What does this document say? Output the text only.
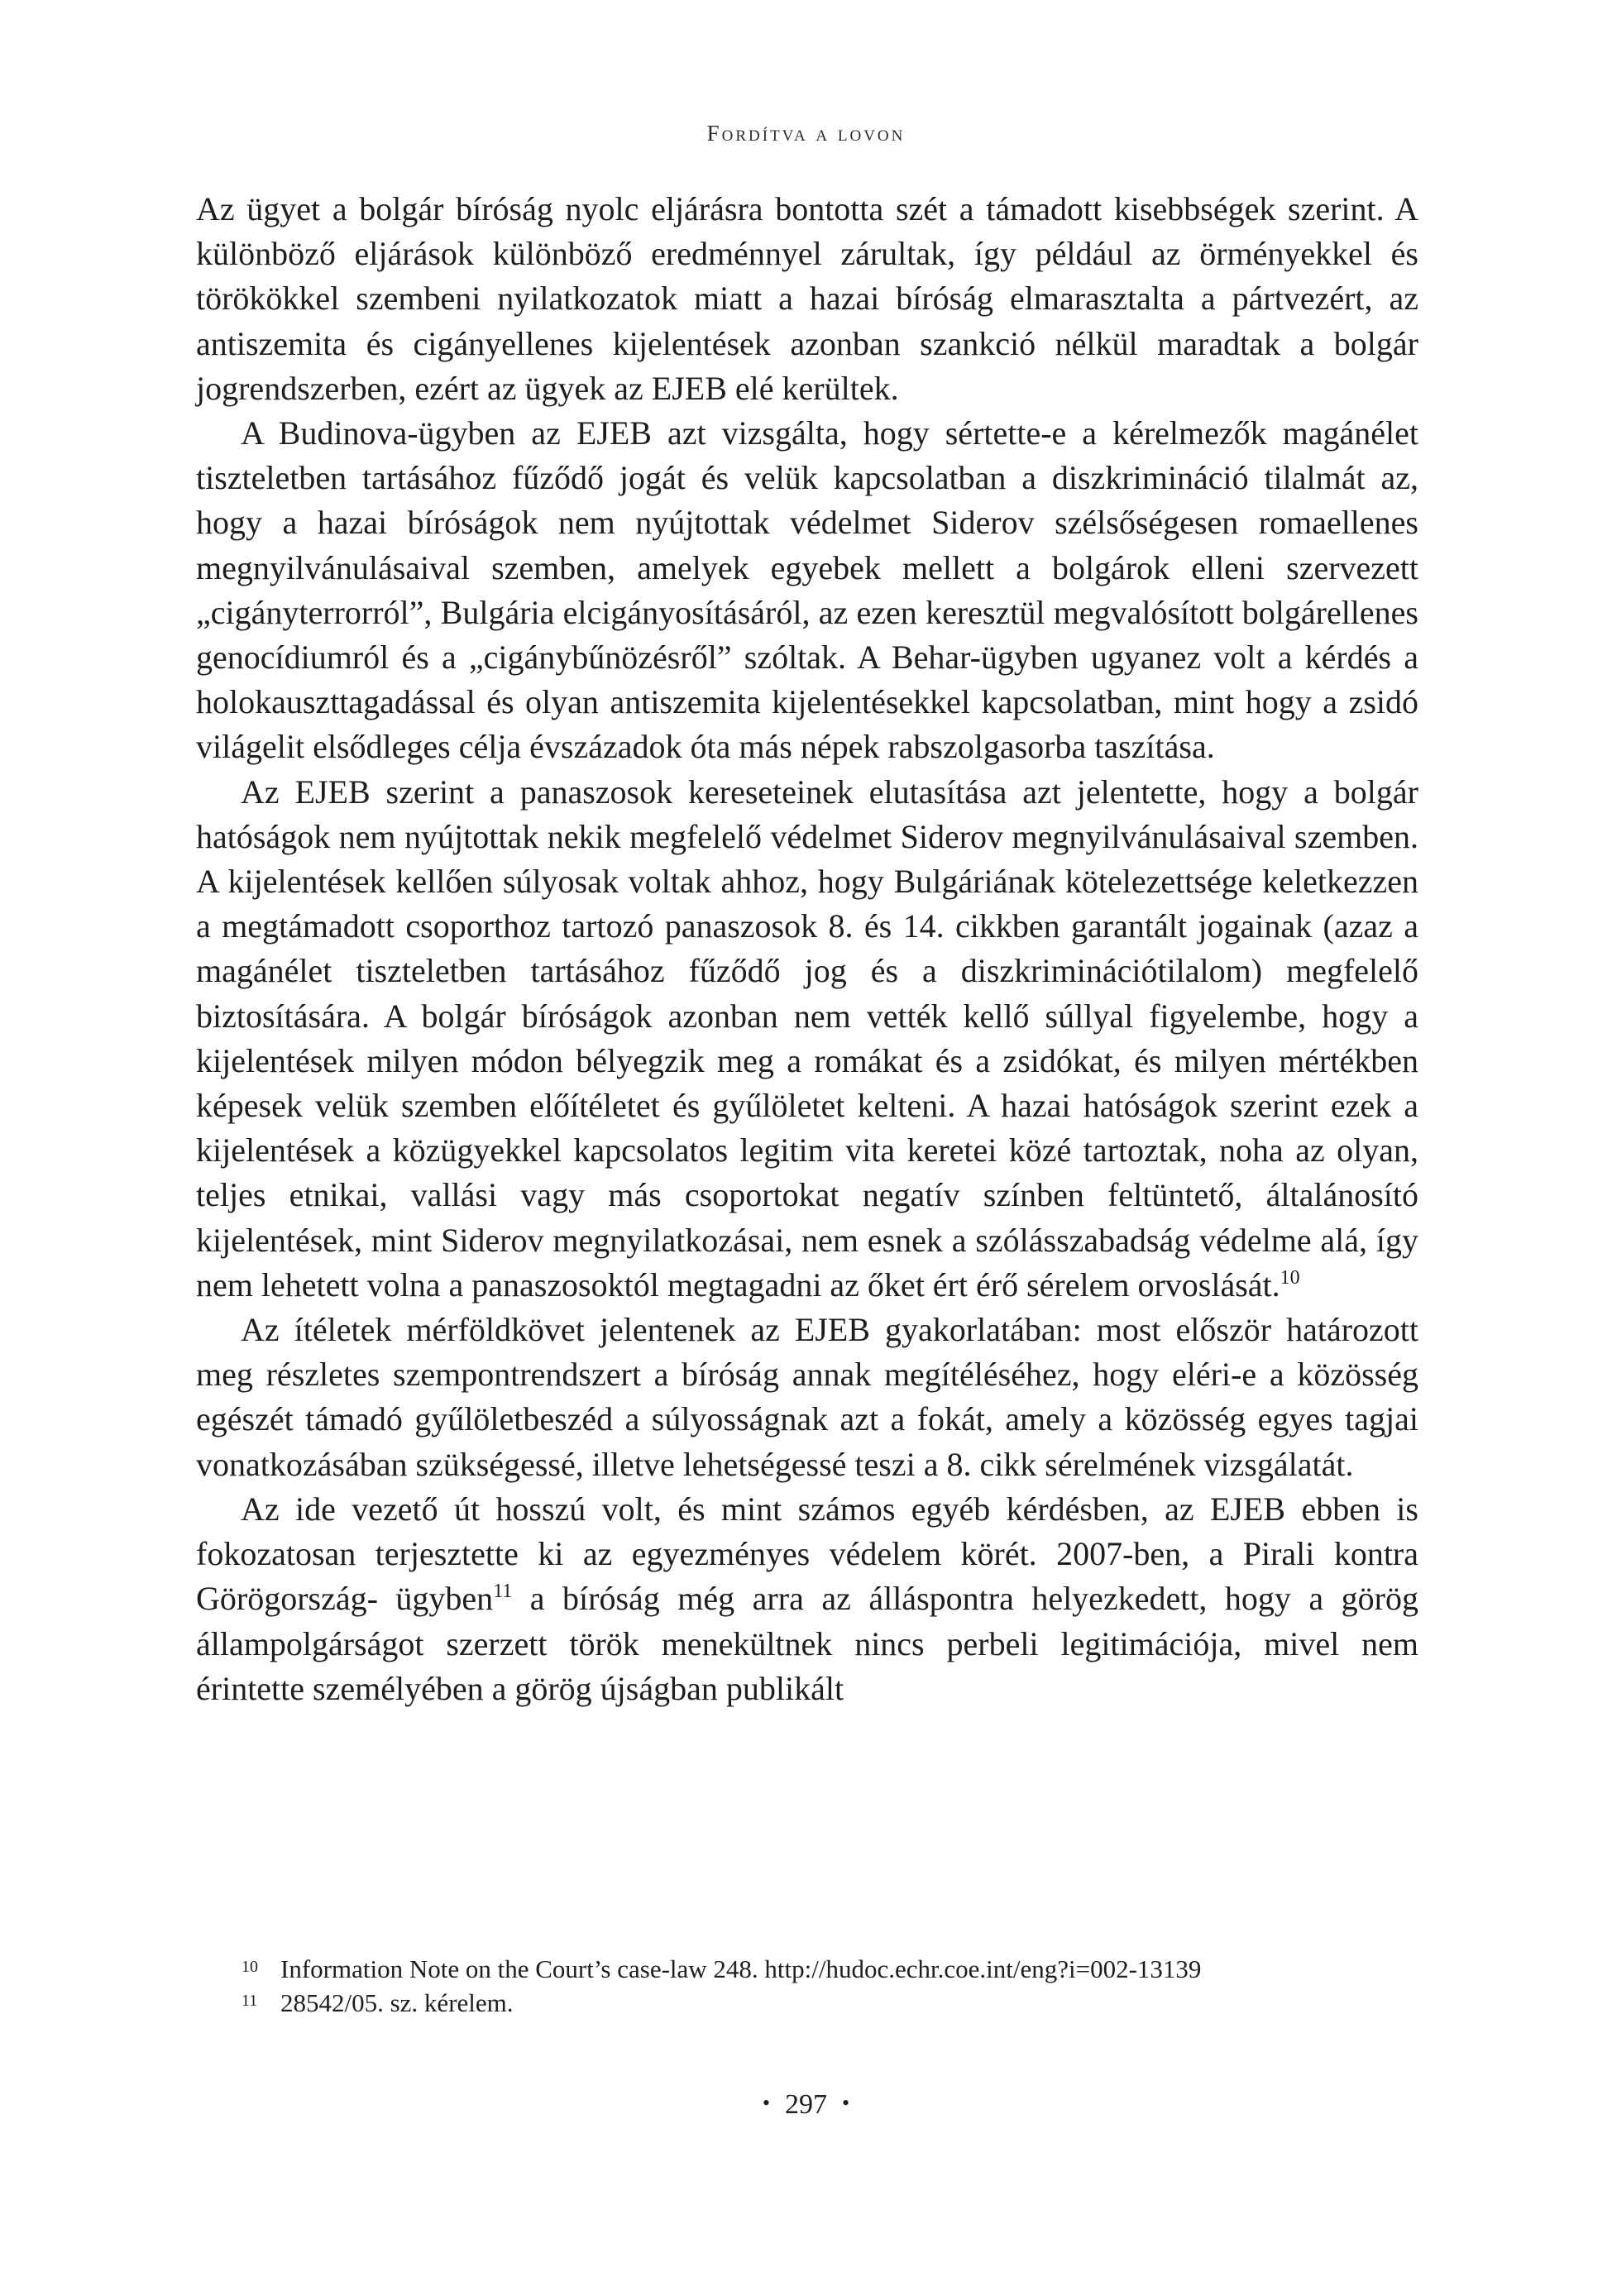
Fordítva a lovon

Az ügyet a bolgár bíróság nyolc eljárásra bontotta szét a támadott kisebbségek szerint. A különböző eljárások különböző eredménnyel zárultak, így például az örményekkel és törökökkel szembeni nyilatkozatok miatt a hazai bíróság elmarasztalta a pártvezért, az antiszemita és cigányellenes kijelentések azonban szankció nélkül maradtak a bolgár jogrendszerben, ezért az ügyek az EJEB elé kerültek.

A Budinova-ügyben az EJEB azt vizsgálta, hogy sértette-e a kérelmezők magánélet tiszteletben tartásához fűződő jogát és velük kapcsolatban a diszkrimináció tilalmát az, hogy a hazai bíróságok nem nyújtottak védelmet Siderov szélsőségesen romaellenes megnyilvánulásaival szemben, amelyek egyebek mellett a bolgárok elleni szervezett „cigányterrorról”, Bulgária elcigányosításáról, az ezen keresztül megvalósított bolgárellenes genocídiumról és a „cigánybűnözésről” szóltak. A Behar-ügyben ugyanez volt a kérdés a holokauszttagadással és olyan antiszemita kijelentésekkel kapcsolatban, mint hogy a zsidó világelit elsődleges célja évszázadok óta más népek rabszolgasorba taszítása.

Az EJEB szerint a panaszosok kereseteinek elutasítása azt jelentette, hogy a bolgár hatóságok nem nyújtottak nekik megfelelő védelmet Siderov megnyilvánulásaival szemben. A kijelentések kellően súlyosak voltak ahhoz, hogy Bulgáriának kötelezettsége keletkezzen a megtámadott csoporthoz tartozó panaszosok 8. és 14. cikkben garantált jogainak (azaz a magánélet tiszteletben tartásához fűződő jog és a diszkriminációtilalom) megfelelő biztosítására. A bolgár bíróságok azonban nem vették kellő súllyal figyelembe, hogy a kijelentések milyen módon bélyegzik meg a romákat és a zsidókat, és milyen mértékben képesek velük szemben előítéletet és gyűlöletet kelteni. A hazai hatóságok szerint ezek a kijelentések a közügyekkel kapcsolatos legitim vita keretei közé tartoztak, noha az olyan, teljes etnikai, vallási vagy más csoportokat negatív színben feltüntető, általánosító kijelentések, mint Siderov megnyilatkozásai, nem esnek a szólásszabadság védelme alá, így nem lehetett volna a panaszosoktól megtagadni az őket ért érő sérelem orvoslását.$^{10}$

Az ítéletek mérföldkövet jelentenek az EJEB gyakorlatában: most először határozott meg részletes szempontrendszert a bíróság annak megítéléséhez, hogy eléri-e a közösség egészét támadó gyűlöletbeszéd a súlyosságnak azt a fokát, amely a közösség egyes tagjai vonatkozásában szükségessé, illetve lehetségessé teszi a 8. cikk sérelmének vizsgálatát.

Az ide vezető út hosszú volt, és mint számos egyéb kérdésben, az EJEB ebben is fokozatosan terjesztette ki az egyezményes védelem körét. 2007-ben, a Pirali kontra Görögország- ügyben$^{11}$ a bíróság még arra az álláspontra helyezkedett, hogy a görög állampolgárságot szerzett török menekültnek nincs perbeli legitimációja, mivel nem érintette személyében a görög újságban publikált

10 Information Note on the Court’s case-law 248. http://hudoc.echr.coe.int/eng?i=002-13139
11 28542/05. sz. kérelem.
• 297 •
